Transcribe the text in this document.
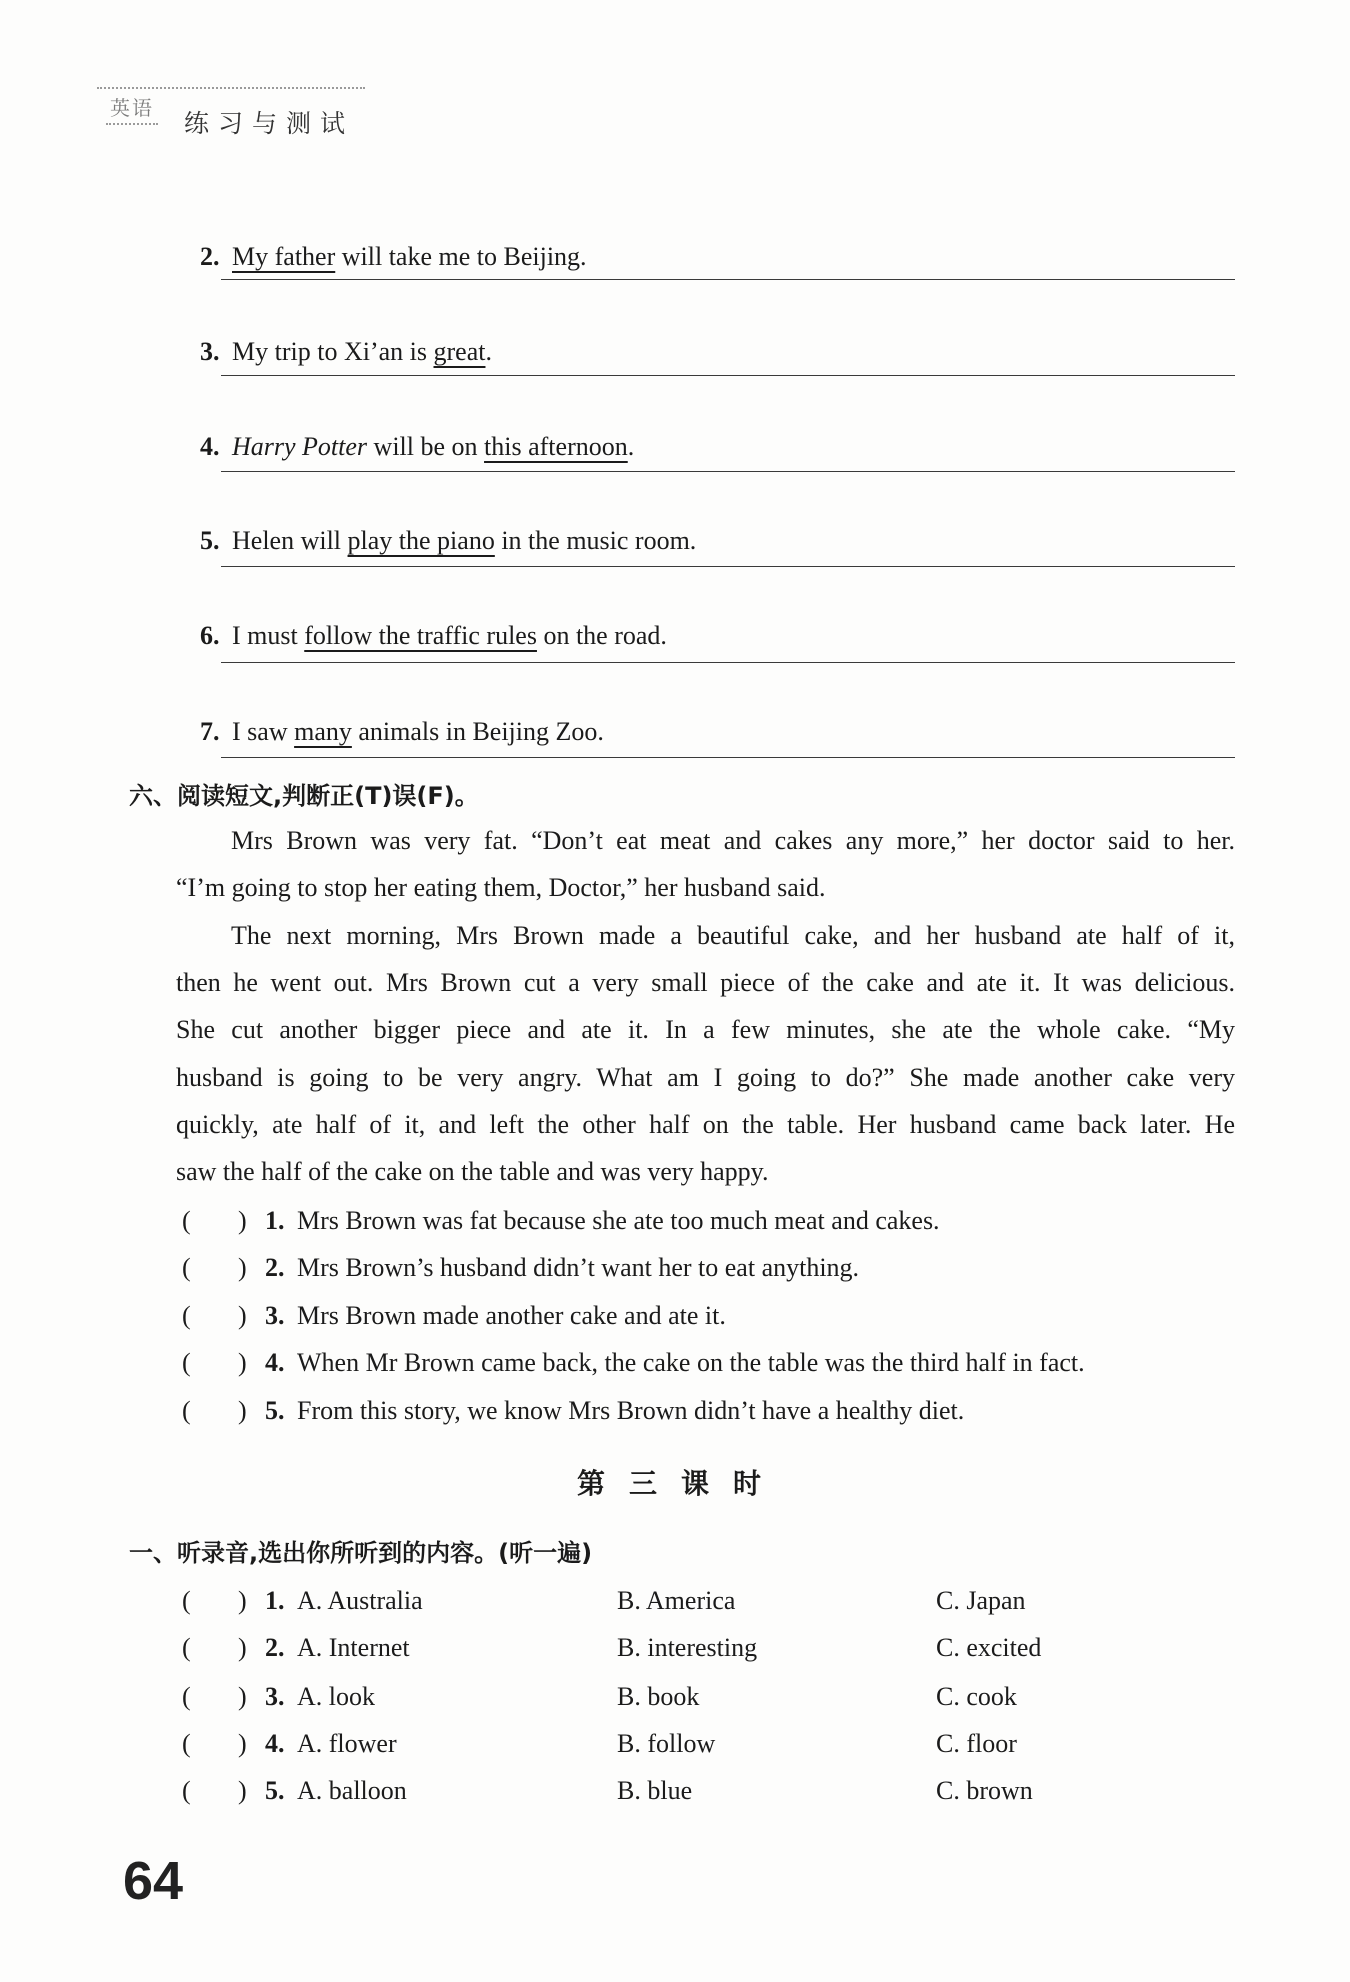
英语
练习与测试

2. My father will take me to Beijing.

3. My trip to Xi’an is great.

4. Harry Potter will be on this afternoon.

5. Helen will play the piano in the music room.

6. I must follow the traffic rules on the road.

7. I saw many animals in Beijing Zoo.

六、阅读短文,判断正(T)误(F)。
Mrs Brown was very fat. “Don’t eat meat and cakes any more,” her doctor said to her.
“I’m going to stop her eating them, Doctor,” her husband said.
The next morning, Mrs Brown made a beautiful cake, and her husband ate half of it,
then he went out. Mrs Brown cut a very small piece of the cake and ate it. It was delicious.
She cut another bigger piece and ate it. In a few minutes, she ate the whole cake. “My
husband is going to be very angry. What am I going to do?” She made another cake very
quickly, ate half of it, and left the other half on the table. Her husband came back later. He
saw the half of the cake on the table and was very happy.
( ) 1. Mrs Brown was fat because she ate too much meat and cakes.
( ) 2. Mrs Brown’s husband didn’t want her to eat anything.
( ) 3. Mrs Brown made another cake and ate it.
( ) 4. When Mr Brown came back, the cake on the table was the third half in fact.
( ) 5. From this story, we know Mrs Brown didn’t have a healthy diet.
第三课时
一、听录音,选出你所听到的内容。(听一遍)
( ) 1. A. Australia	B. America	C. Japan
( ) 2. A. Internet	B. interesting	C. excited
( ) 3. A. look	B. book	C. cook
( ) 4. A. flower	B. follow	C. floor
( ) 5. A. balloon	B. blue	C. brown
64
